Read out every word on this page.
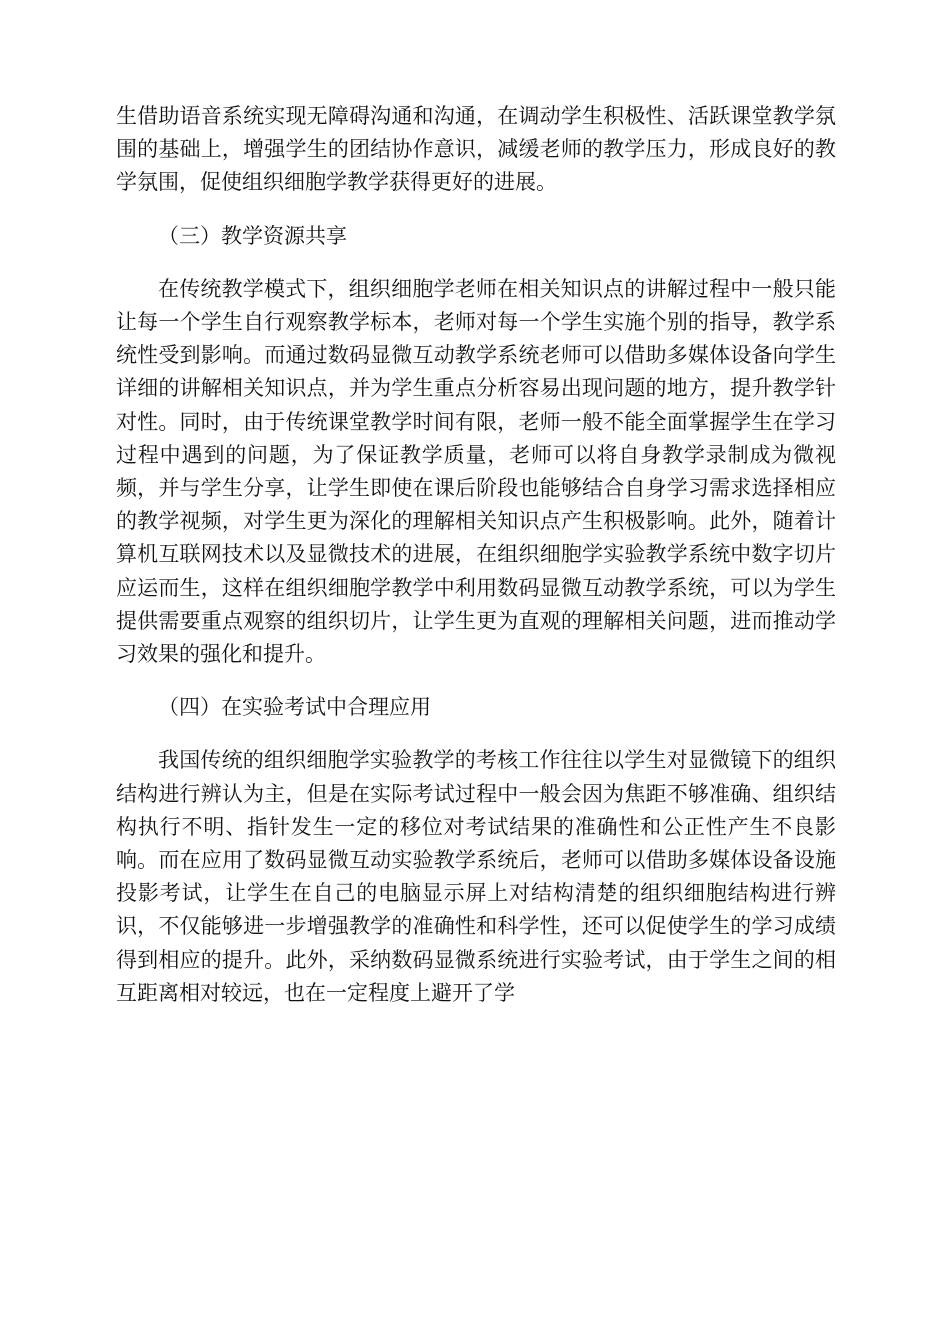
生借助语音系统实现无障碍沟通和沟通，在调动学生积极性、活跃课堂教学氛围的基础上，增强学生的团结协作意识，减缓老师的教学压力，形成良好的教学氛围，促使组织细胞学教学获得更好的进展。

（三）教学资源共享

在传统教学模式下，组织细胞学老师在相关知识点的讲解过程中一般只能让每一个学生自行观察教学标本，老师对每一个学生实施个别的指导，教学系统性受到影响。而通过数码显微互动教学系统老师可以借助多媒体设备向学生详细的讲解相关知识点，并为学生重点分析容易出现问题的地方，提升教学针对性。同时，由于传统课堂教学时间有限，老师一般不能全面掌握学生在学习过程中遇到的问题，为了保证教学质量，老师可以将自身教学录制成为微视频，并与学生分享，让学生即使在课后阶段也能够结合自身学习需求选择相应的教学视频，对学生更为深化的理解相关知识点产生积极影响。此外，随着计算机互联网技术以及显微技术的进展，在组织细胞学实验教学系统中数字切片应运而生，这样在组织细胞学教学中利用数码显微互动教学系统，可以为学生提供需要重点观察的组织切片，让学生更为直观的理解相关问题，进而推动学习效果的强化和提升。

（四）在实验考试中合理应用

我国传统的组织细胞学实验教学的考核工作往往以学生对显微镜下的组织结构进行辨认为主，但是在实际考试过程中一般会因为焦距不够准确、组织结构执行不明、指针发生一定的移位对考试结果的准确性和公正性产生不良影响。而在应用了数码显微互动实验教学系统后，老师可以借助多媒体设备设施投影考试，让学生在自己的电脑显示屏上对结构清楚的组织细胞结构进行辨识，不仅能够进一步增强教学的准确性和科学性，还可以促使学生的学习成绩得到相应的提升。此外，采纳数码显微系统进行实验考试，由于学生之间的相互距离相对较远，也在一定程度上避开了学
